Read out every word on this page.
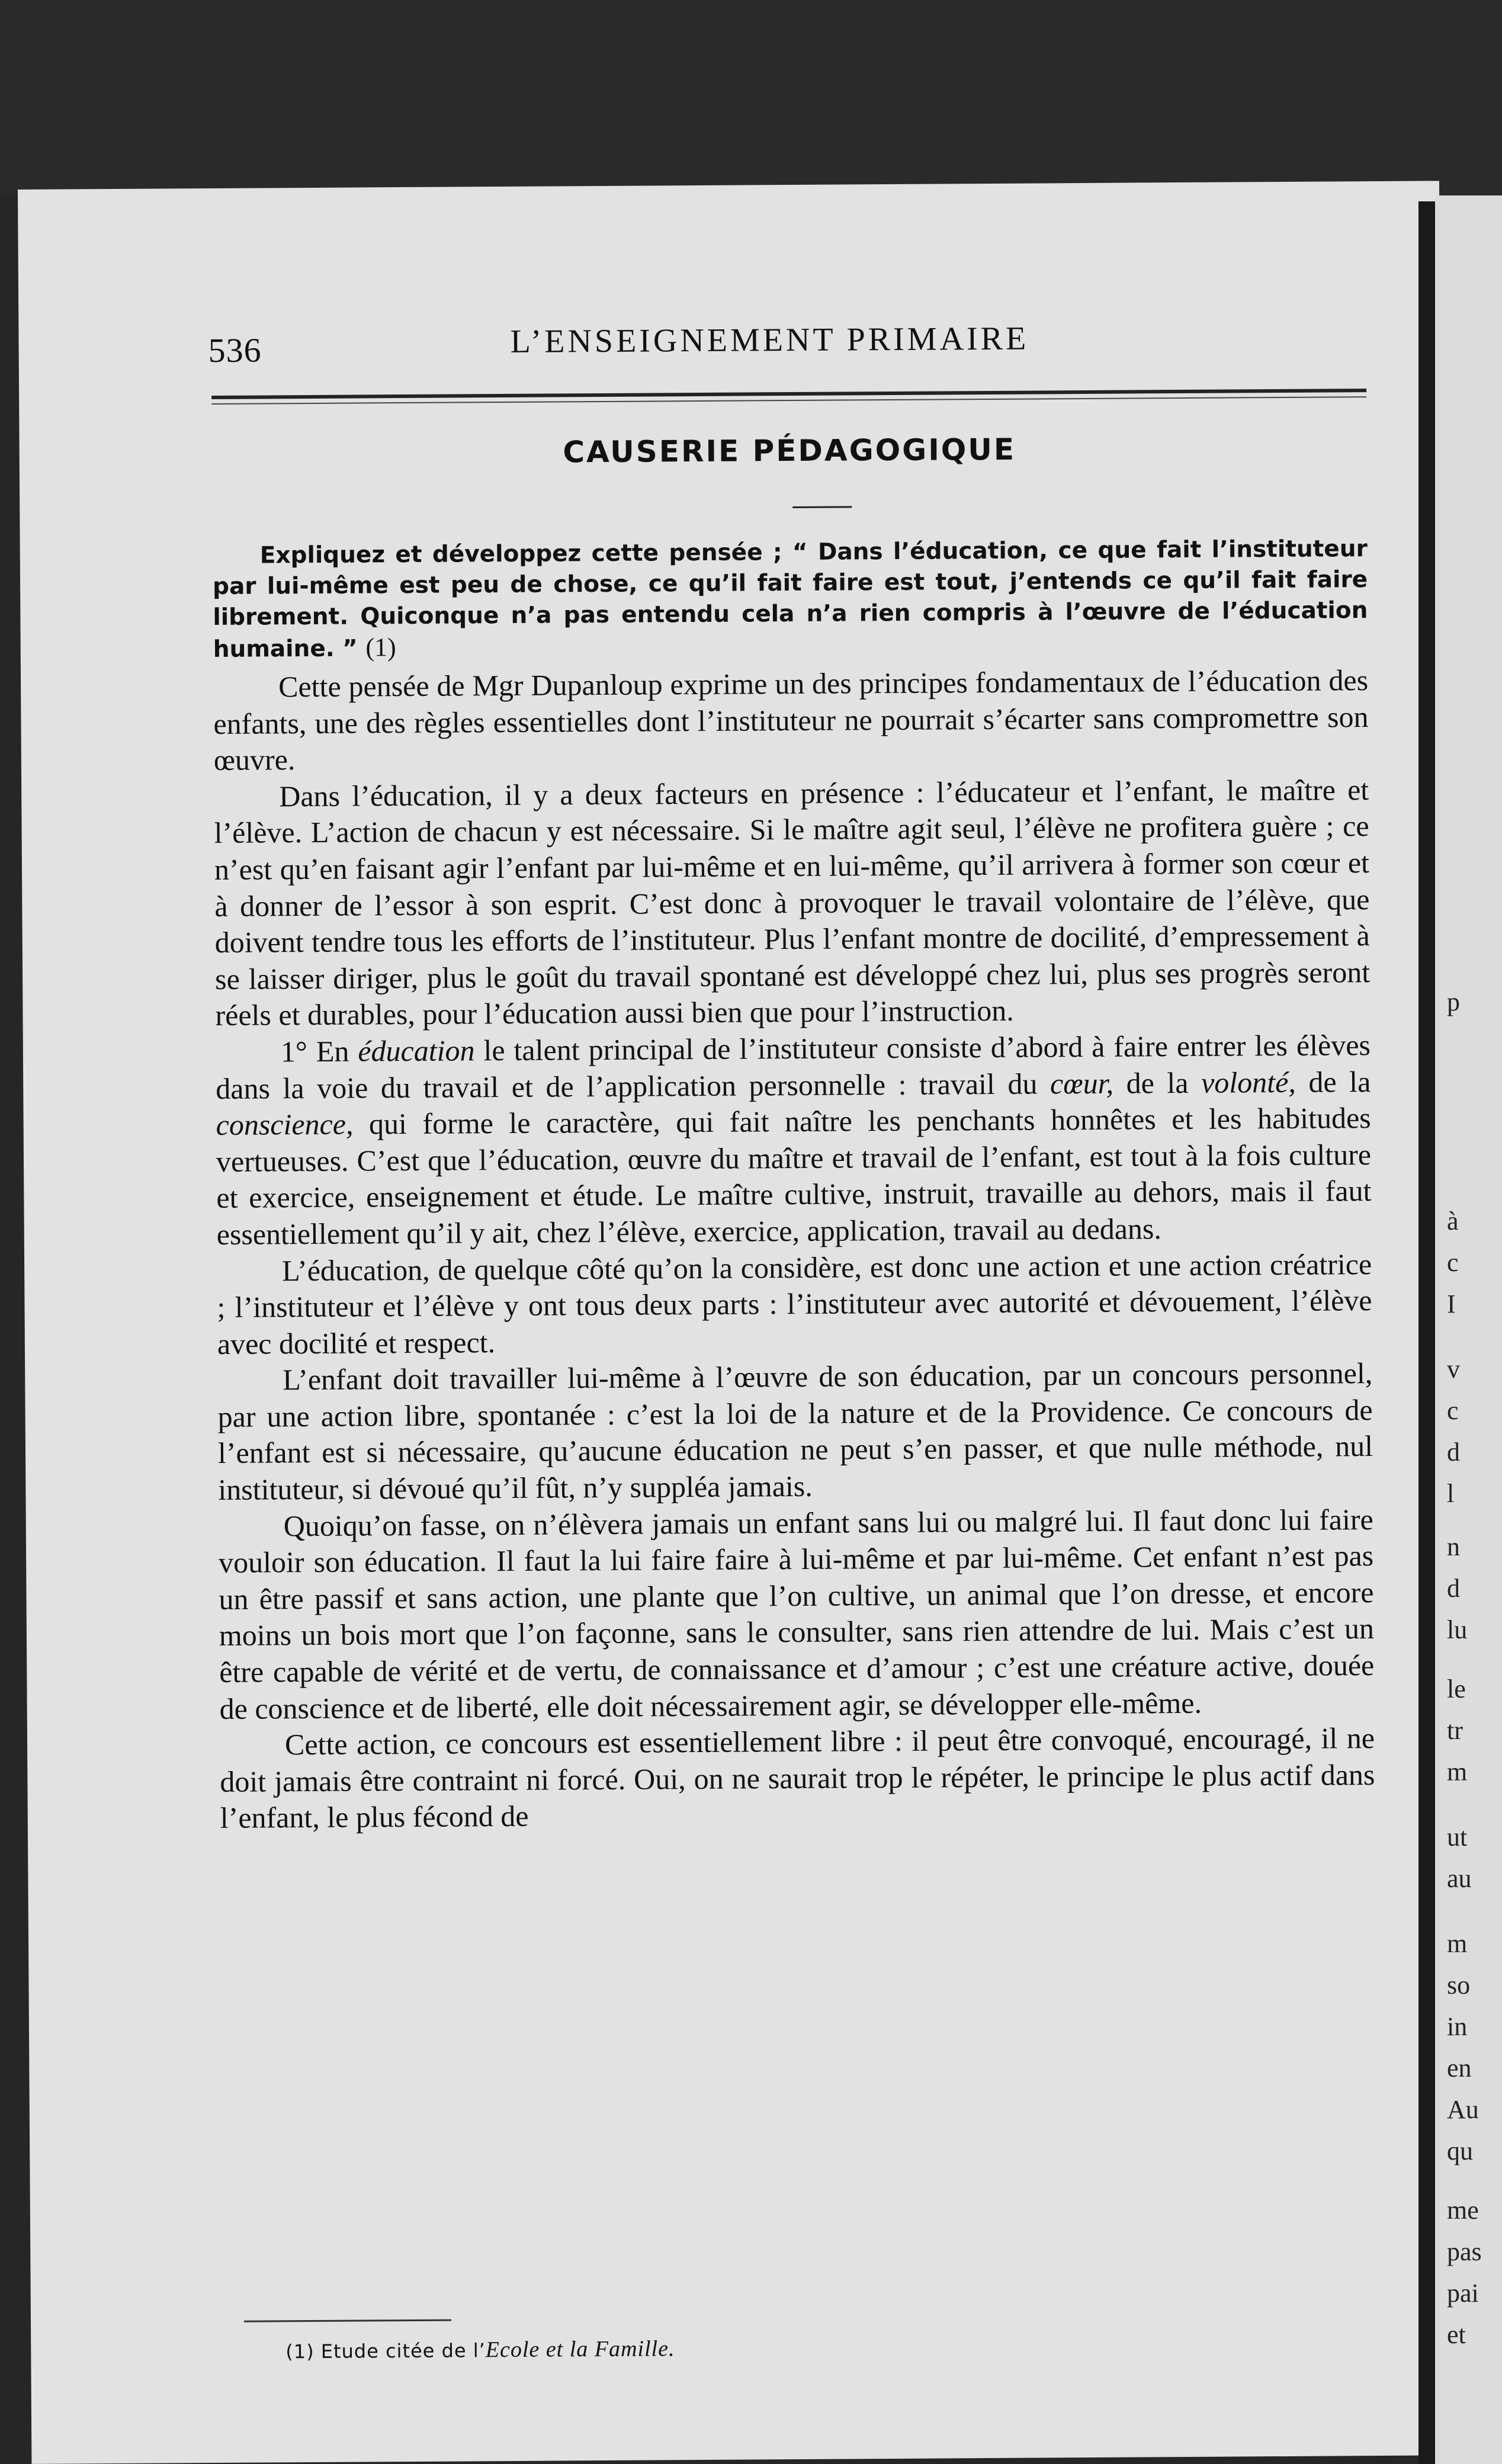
536	L’ENSEIGNEMENT PRIMAIRE
CAUSERIE PÉDAGOGIQUE
Expliquez et développez cette pensée ; “ Dans l’éducation, ce que fait l’instituteur par lui-même est peu de chose, ce qu’il fait faire est tout, j’entends ce qu’il fait faire librement. Quiconque n’a pas entendu cela n’a rien compris à l’œuvre de l’éducation humaine. ” (1)

Cette pensée de Mgr Dupanloup exprime un des principes fondamentaux de l’éducation des enfants, une des règles essentielles dont l’instituteur ne pourrait s’écarter sans compromettre son œuvre.

Dans l’éducation, il y a deux facteurs en présence : l’éducateur et l’enfant, le maître et l’élève. L’action de chacun y est nécessaire. Si le maître agit seul, l’élève ne profitera guère ; ce n’est qu’en faisant agir l’enfant par lui-même et en lui-même, qu’il arrivera à former son cœur et à donner de l’essor à son esprit. C’est donc à provoquer le travail volontaire de l’élève, que doivent tendre tous les efforts de l’instituteur. Plus l’enfant montre de docilité, d’empressement à se laisser diriger, plus le goût du travail spontané est développé chez lui, plus ses progrès seront réels et durables, pour l’éducation aussi bien que pour l’instruction.

1° En éducation le talent principal de l’instituteur consiste d’abord à faire entrer les élèves dans la voie du travail et de l’application personnelle : travail du cœur, de la volonté, de la conscience, qui forme le caractère, qui fait naître les penchants honnêtes et les habitudes vertueuses. C’est que l’éducation, œuvre du maître et travail de l’enfant, est tout à la fois culture et exercice, enseignement et étude. Le maître cultive, instruit, travaille au dehors, mais il faut essentiellement qu’il y ait, chez l’élève, exercice, application, travail au dedans.

L’éducation, de quelque côté qu’on la considère, est donc une action et une action créatrice ; l’instituteur et l’élève y ont tous deux parts : l’instituteur avec autorité et dévouement, l’élève avec docilité et respect.

L’enfant doit travailler lui-même à l’œuvre de son éducation, par un concours personnel, par une action libre, spontanée : c’est la loi de la nature et de la Providence. Ce concours de l’enfant est si nécessaire, qu’aucune éducation ne peut s’en passer, et que nulle méthode, nul instituteur, si dévoué qu’il fût, n’y suppléa jamais.

Quoiqu’on fasse, on n’élèvera jamais un enfant sans lui ou malgré lui. Il faut donc lui faire vouloir son éducation. Il faut la lui faire faire à lui-même et par lui-même. Cet enfant n’est pas un être passif et sans action, une plante que l’on cultive, un animal que l’on dresse, et encore moins un bois mort que l’on façonne, sans le consulter, sans rien attendre de lui. Mais c’est un être capable de vérité et de vertu, de connaissance et d’amour ; c’est une créature active, douée de conscience et de liberté, elle doit nécessairement agir, se développer elle-même.

Cette action, ce concours est essentiellement libre : il peut être convoqué, encouragé, il ne doit jamais être contraint ni forcé. Oui, on ne saurait trop le répéter, le principe le plus actif dans l’enfant, le plus fécond de

(1) Etude citée de l’Ecole et la Famille.
p
à
c
I
v
c
d
l
n
d
lu
le
tr
m
ut
au
m
so
in
en
Au
qu
me
pas
pai
et
